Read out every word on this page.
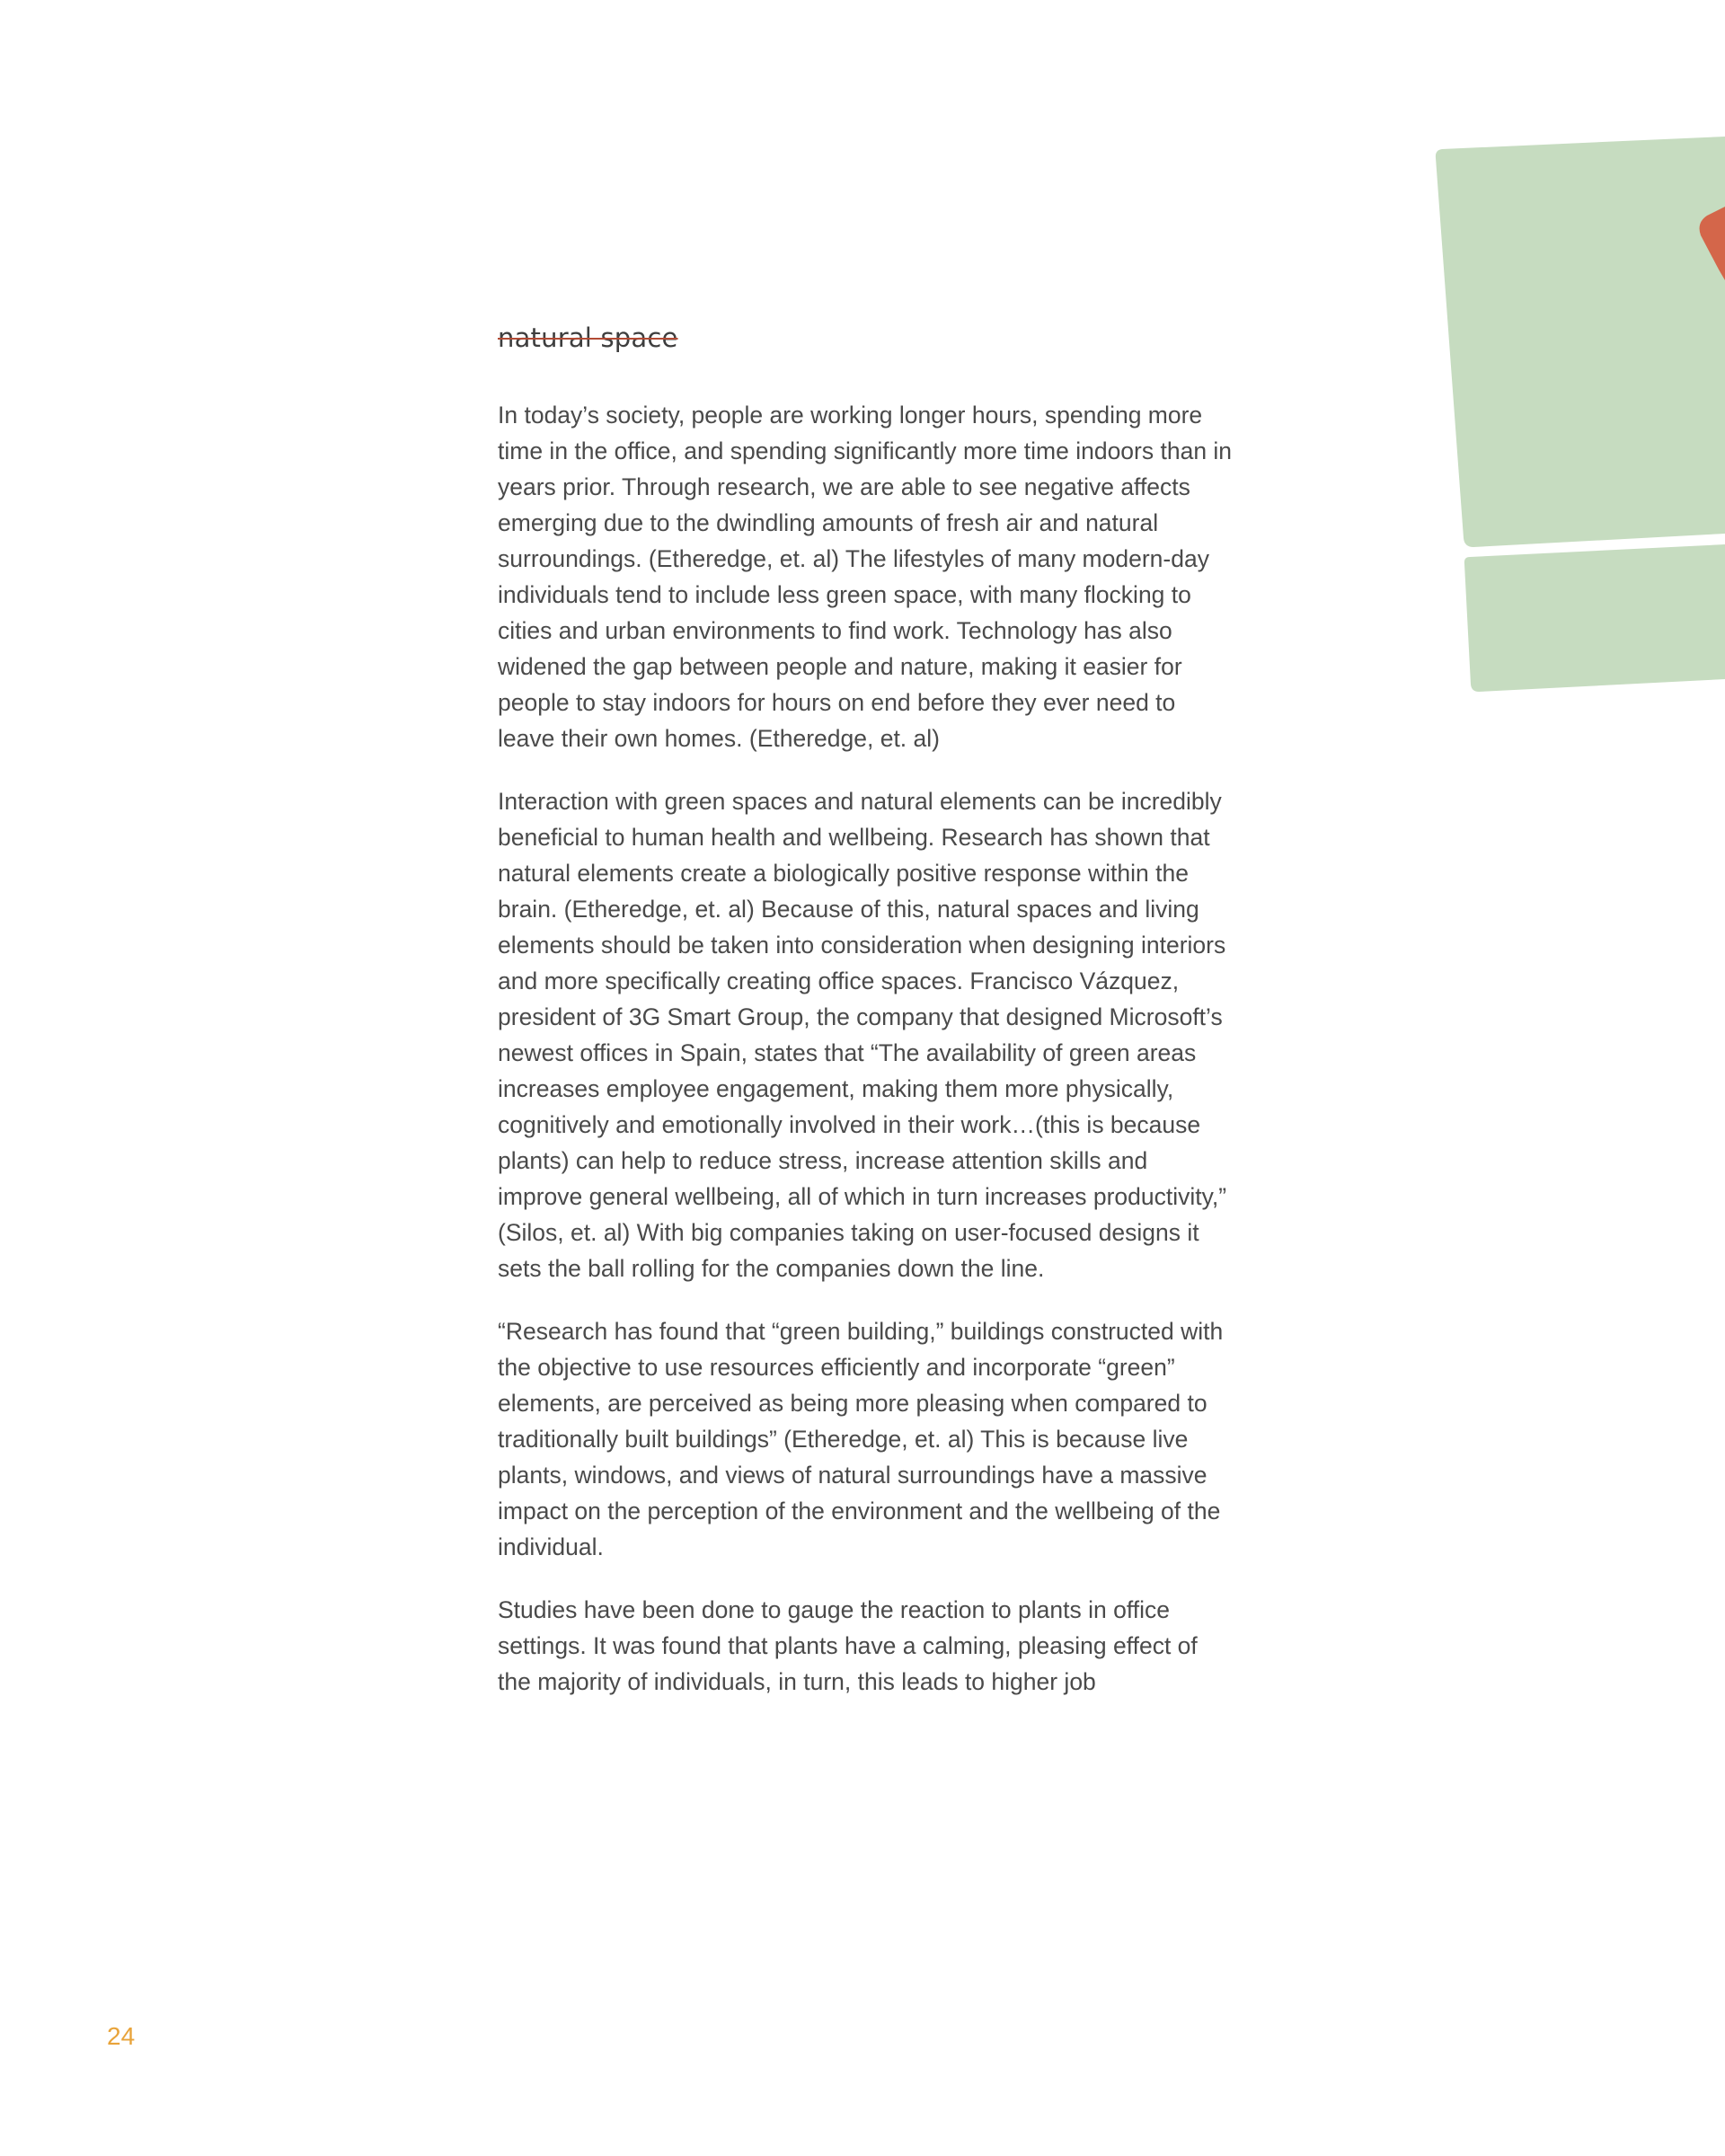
natural space

In today’s society, people are working longer hours, spending more time in the office, and spending significantly more time indoors than in years prior. Through research, we are able to see negative affects emerging due to the dwindling amounts of fresh air and natural surroundings. (Etheredge, et. al) The lifestyles of many modern-day individuals tend to include less green space, with many flocking to cities and urban environments to find work. Technology has also widened the gap between people and nature, making it easier for people to stay indoors for hours on end before they ever need to leave their own homes. (Etheredge, et. al)

Interaction with green spaces and natural elements can be incredibly beneficial to human health and wellbeing. Research has shown that natural elements create a biologically positive response within the brain. (Etheredge, et. al) Because of this, natural spaces and living elements should be taken into consideration when designing interiors and more specifically creating office spaces. Francisco Vázquez, president of 3G Smart Group, the company that designed Microsoft’s newest offices in Spain, states that “The availability of green areas increases employee engagement, making them more physically, cognitively and emotionally involved in their work…(this is because plants) can help to reduce stress, increase attention skills and improve general wellbeing, all of which in turn increases productivity,” (Silos, et. al) With big companies taking on user-focused designs it sets the ball rolling for the companies down the line.

“Research has found that “green building,” buildings constructed with the objective to use resources efficiently and incorporate “green” elements, are perceived as being more pleasing when compared to traditionally built buildings” (Etheredge, et. al) This is because live plants, windows, and views of natural surroundings have a massive impact on the perception of the environment and the wellbeing of the individual.

Studies have been done to gauge the reaction to plants in office settings. It was found that plants have a calming, pleasing effect of the majority of individuals, in turn, this leads to higher job

24
